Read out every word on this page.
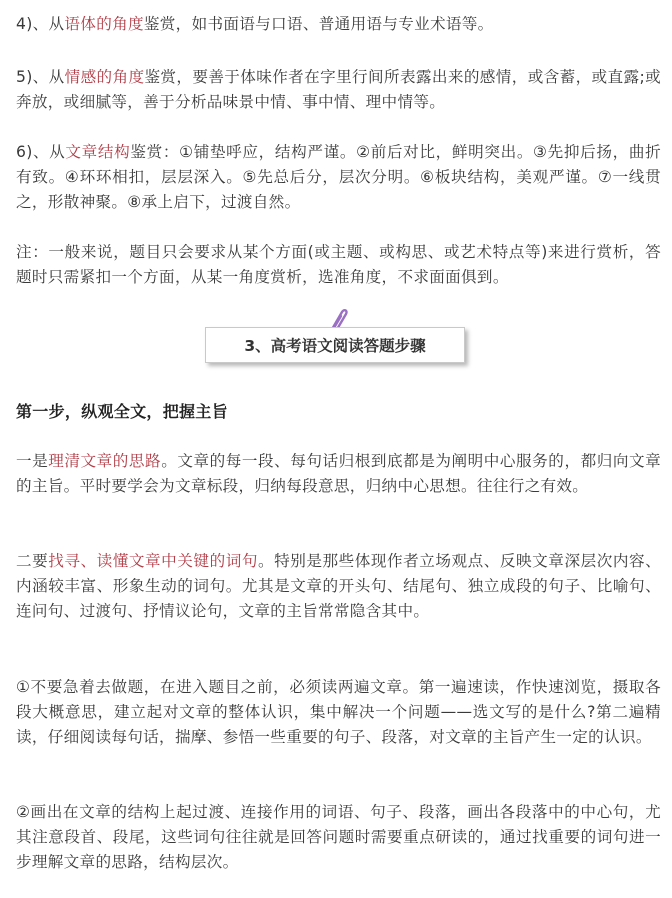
4)、从语体的角度鉴赏，如书面语与口语、普通用语与专业术语等。

5)、从情感的角度鉴赏，要善于体味作者在字里行间所表露出来的感情，或含蓄，或直露;或奔放，或细腻等，善于分析品味景中情、事中情、理中情等。

6)、从文章结构鉴赏：①铺垫呼应，结构严谨。②前后对比，鲜明突出。③先抑后扬，曲折有致。④环环相扣，层层深入。⑤先总后分，层次分明。⑥板块结构，美观严谨。⑦一线贯之，形散神聚。⑧承上启下，过渡自然。

注：一般来说，题目只会要求从某个方面(或主题、或构思、或艺术特点等)来进行赏析，答题时只需紧扣一个方面，从某一角度赏析，选准角度，不求面面俱到。

3、高考语文阅读答题步骤

第一步，纵观全文，把握主旨

一是理清文章的思路。文章的每一段、每句话归根到底都是为阐明中心服务的，都归向文章的主旨。平时要学会为文章标段，归纳每段意思，归纳中心思想。往往行之有效。

二要找寻、读懂文章中关键的词句。特别是那些体现作者立场观点、反映文章深层次内容、内涵较丰富、形象生动的词句。尤其是文章的开头句、结尾句、独立成段的句子、比喻句、连问句、过渡句、抒情议论句，文章的主旨常常隐含其中。

①不要急着去做题，在进入题目之前，必须读两遍文章。第一遍速读，作快速浏览，摄取各段大概意思，建立起对文章的整体认识，集中解决一个问题——选文写的是什么?第二遍精读，仔细阅读每句话，揣摩、参悟一些重要的句子、段落，对文章的主旨产生一定的认识。

②画出在文章的结构上起过渡、连接作用的词语、句子、段落，画出各段落中的中心句，尤其注意段首、段尾，这些词句往往就是回答问题时需要重点研读的，通过找重要的词句进一步理解文章的思路，结构层次。
